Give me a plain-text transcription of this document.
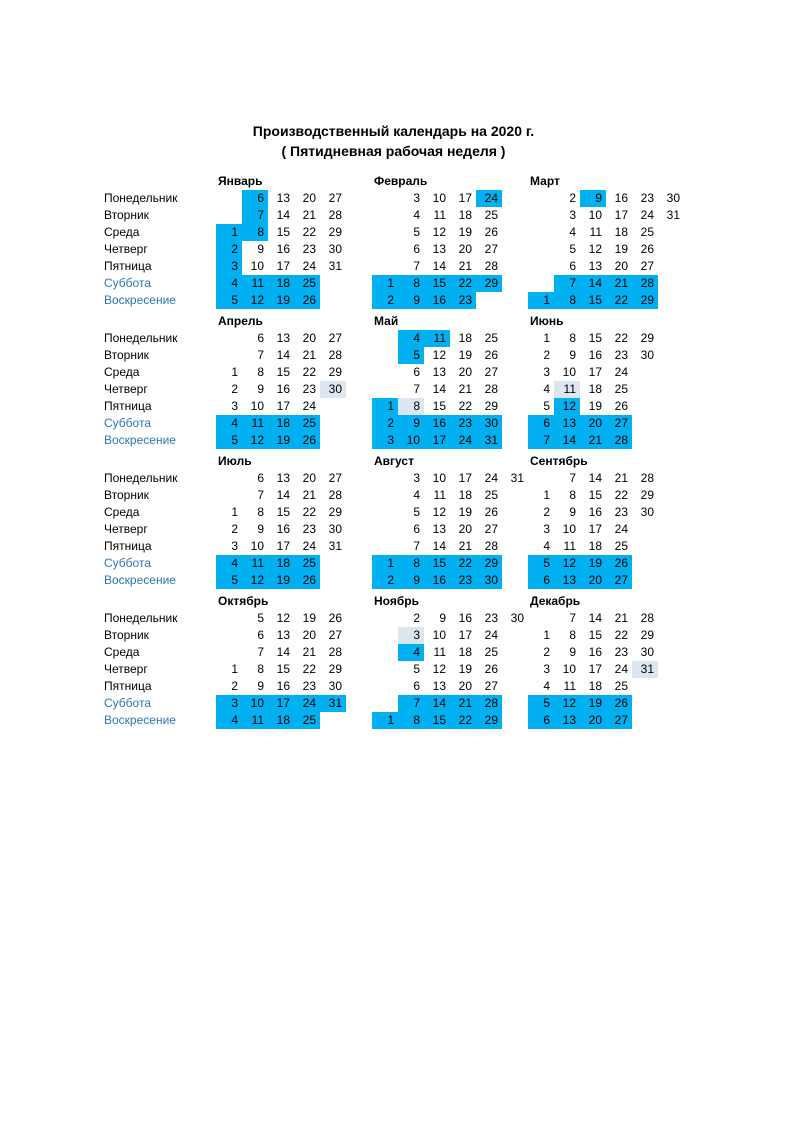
Производственный календарь на 2020 г.
( Пятидневная рабочая неделя )
Понедельник
Вторник
Среда
Четверг
Пятница
Суббота
Воскресение
Январь
1
2
3
4
5
6
7
8
9
10
11
12
13
14
15
16
17
18
19
20
21
22
23
24
25
26
27
28
29
30
31
Февраль
1
2
3
4
5
6
7
8
9
10
11
12
13
14
15
16
17
18
19
20
21
22
23
24
25
26
27
28
29
Март
1
2
3
4
5
6
7
8
9
10
11
12
13
14
15
16
17
18
19
20
21
22
23
24
25
26
27
28
29
30
31
Понедельник
Вторник
Среда
Четверг
Пятница
Суббота
Воскресение
Апрель
1
2
3
4
5
6
7
8
9
10
11
12
13
14
15
16
17
18
19
20
21
22
23
24
25
26
27
28
29
30
Май
1
2
3
4
5
6
7
8
9
10
11
12
13
14
15
16
17
18
19
20
21
22
23
24
25
26
27
28
29
30
31
Июнь
1
2
3
4
5
6
7
8
9
10
11
12
13
14
15
16
17
18
19
20
21
22
23
24
25
26
27
28
29
30
Понедельник
Вторник
Среда
Четверг
Пятница
Суббота
Воскресение
Июль
1
2
3
4
5
6
7
8
9
10
11
12
13
14
15
16
17
18
19
20
21
22
23
24
25
26
27
28
29
30
31
Август
1
2
3
4
5
6
7
8
9
10
11
12
13
14
15
16
17
18
19
20
21
22
23
24
25
26
27
28
29
30
31
Сентябрь
1
2
3
4
5
6
7
8
9
10
11
12
13
14
15
16
17
18
19
20
21
22
23
24
25
26
27
28
29
30
Понедельник
Вторник
Среда
Четверг
Пятница
Суббота
Воскресение
Октябрь
1
2
3
4
5
6
7
8
9
10
11
12
13
14
15
16
17
18
19
20
21
22
23
24
25
26
27
28
29
30
31
Ноябрь
1
2
3
4
5
6
7
8
9
10
11
12
13
14
15
16
17
18
19
20
21
22
23
24
25
26
27
28
29
30
Декабрь
1
2
3
4
5
6
7
8
9
10
11
12
13
14
15
16
17
18
19
20
21
22
23
24
25
26
27
28
29
30
31
